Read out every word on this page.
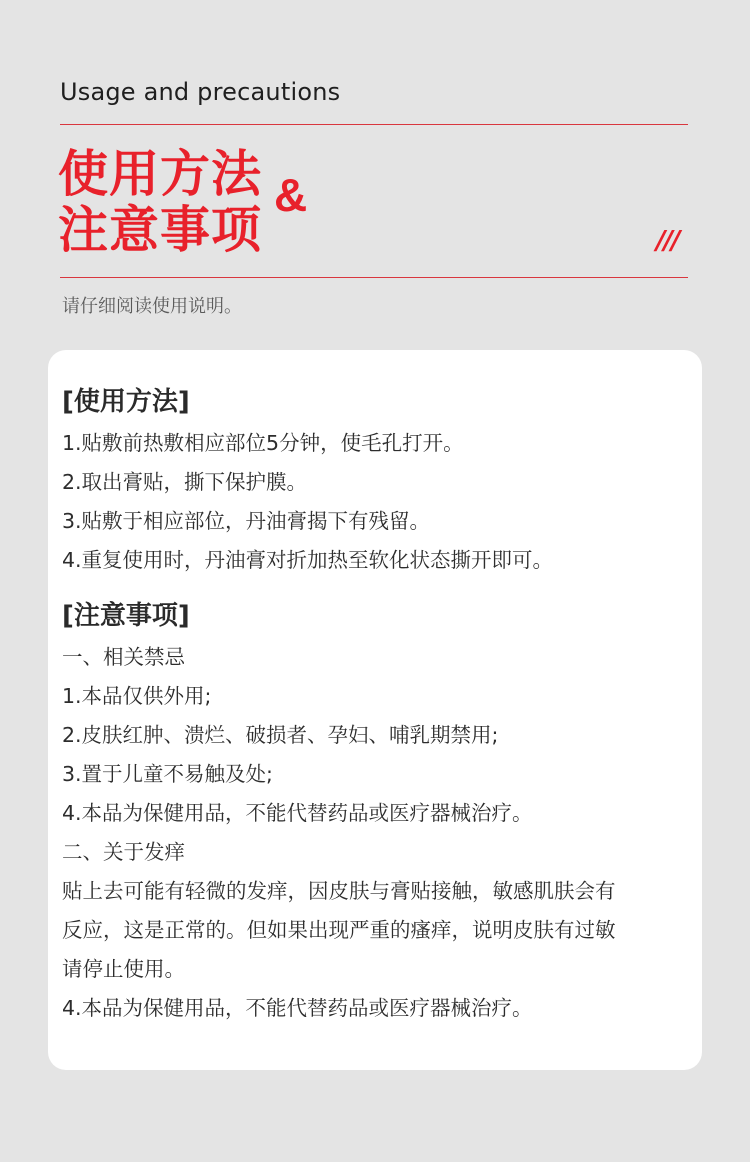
Usage and precautions
使用方法
注意事项
&
///
请仔细阅读使用说明。
[使用方法]
1.贴敷前热敷相应部位5分钟，使毛孔打开。
2.取出膏贴，撕下保护膜。
3.贴敷于相应部位，丹油膏揭下有残留。
4.重复使用时，丹油膏对折加热至软化状态撕开即可。
[注意事项]
一、相关禁忌
1.本品仅供外用;
2.皮肤红肿、溃烂、破损者、孕妇、哺乳期禁用;
3.置于儿童不易触及处;
4.本品为保健用品，不能代替药品或医疗器械治疗。
二、关于发痒
贴上去可能有轻微的发痒，因皮肤与膏贴接触，敏感肌肤会有
反应，这是正常的。但如果出现严重的瘙痒，说明皮肤有过敏
请停止使用。
4.本品为保健用品，不能代替药品或医疗器械治疗。
